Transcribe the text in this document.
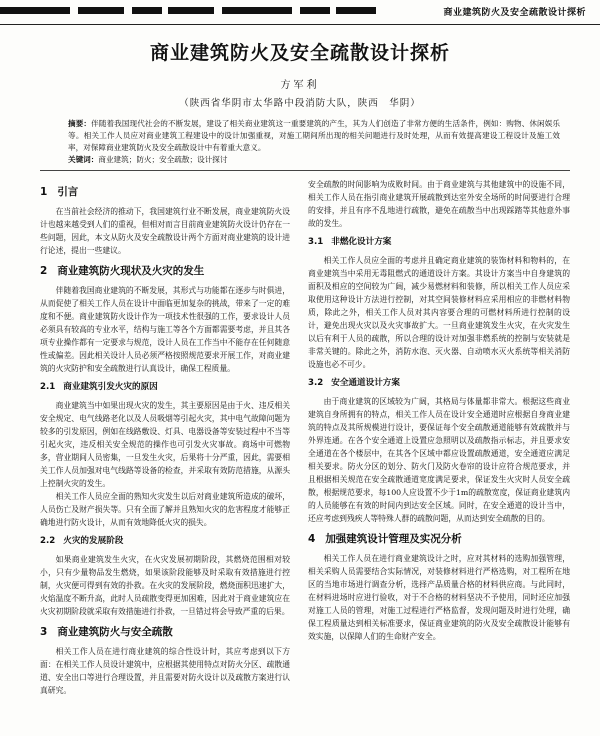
商业建筑防火及安全疏散设计探析
商业建筑防火及安全疏散设计探析
方军利
（陕西省华阴市太华路中段消防大队，陕西　华阴）
摘要：伴随着我国现代社会的不断发展，建设了相关商业建筑这一重要建筑的产生，其为人们创造了非常方便的生活条件，例如：购物、休闲娱乐等。相关工作人员应对商业建筑工程建设中的设计加强重视，对施工期间所出现的相关问题进行及时处理，从而有效提高建设工程设计及施工效率，对保障商业建筑防火及安全疏散设计中有着重大意义。
关键词：商业建筑；防火；安全疏散；设计探讨
1 引言

在当前社会经济的推动下，我国建筑行业不断发展，商业建筑防火设计也越来越受到人们的重视，但相对而言目前商业建筑防火设计仍存在一些问题，因此，本文从防火及安全疏散设计两个方面对商业建筑的设计进行论述，提出一些建议。

2 商业建筑防火现状及火灾的发生

伴随着我国商业建筑的不断发展，其形式与功能都在逐步与时俱进，从而促使了相关工作人员在设计中面临更加复杂的挑战，带来了一定的难度和不便。商业建筑防火设计作为一项技术性很强的工作，要求设计人员必须具有较高的专业水平，结构与施工等各个方面都需要考虑，并且其各项专业操作都有一定要求与规范，设计人员在工作当中不能存在任何随意性或偏差。因此相关设计人员必须严格按照规范要求开展工作，对商业建筑的火灾防护和安全疏散进行认真设计，确保工程质量。

2.1 商业建筑引发火灾的原因

商业建筑当中如果出现火灾的发生，其主要原因是由于火、违反相关安全规定、电气线路老化以及人员吸烟等引起火灾，其中电气故障问题为较多的引发原因，例如在线路敷设、灯具、电器设备等安装过程中不当等引起火灾，违反相关安全规范的操作也可引发火灾事故。商场中可燃物多，营业期间人员密集，一旦发生火灾，后果将十分严重，因此，需要相关工作人员加强对电气线路等设备的检查，并采取有效防范措施，从源头上控制火灾的发生。

相关工作人员应全面的熟知火灾发生以后对商业建筑所造成的破坏，人员伤亡及财产损失等。只有全面了解并且熟知火灾的危害程度才能够正确地进行防火设计，从而有效地降低火灾的损失。

2.2 火灾的发展阶段

如果商业建筑发生火灾，在火灾发展初期阶段，其燃烧范围相对较小，只有少量物品发生燃烧，如果该阶段能够及时采取有效措施进行控制，火灾便可得到有效的扑救。在火灾的发展阶段，燃烧面积迅速扩大，火焰温度不断升高，此时人员疏散变得更加困难，因此对于商业建筑应在火灾初期阶段就采取有效措施进行扑救，一旦错过将会导致严重的后果。

3 商业建筑防火与安全疏散

相关工作人员在进行商业建筑的综合性设计时，其应考虑到以下方面：在相关工作人员设计建筑中，应根据其使用特点对防火分区、疏散通道、安全出口等进行合理设置，并且需要对防火设计以及疏散方案进行认真研究。

安全疏散的时间影响为成败时间。由于商业建筑与其他建筑中的设施不同，相关工作人员在指引商业建筑开展疏散到达室外安全场所的时间要进行合理的安排，并且有序不乱地进行疏散，避免在疏散当中出现踩踏等其他意外事故的发生。

3.1 非燃化设计方案

相关工作人员应全面的考虑并且确定商业建筑的装饰材料和物料的，在商业建筑当中采用无毒阻燃式的通道设计方案。其设计方案当中自身建筑的面积及相应的空间较为广阔，减少易燃材料和装修，所以相关工作人员应采取使用这种设计方法进行控制，对其空间装修材料应采用相应的非燃材料物质，除此之外，相关工作人员对其内容要合理的可燃材料所进行控制的设计，避免出现火灾以及火灾事故扩大。一旦商业建筑发生火灾，在火灾发生以后有利于人员的疏散，所以合理的设计对加强非燃系统的控制与安装就是非常关键的。除此之外，消防水泡、灭火器、自动喷水灭火系统等相关消防设施也必不可少。

3.2 安全通道设计方案

由于商业建筑的区域较为广阔，其格局与体量都非常大。根据这些商业建筑自身所拥有的特点，相关工作人员在设计安全通道时应根据自身商业建筑的特点及其所规模进行设计，要保证每个安全疏散通道能够有效疏散并与外界连通。在各个安全通道上设置应急照明以及疏散指示标志，并且要求安全通道在各个楼层中，在其各个区域中都应设置疏散通道，安全通道应满足相关要求。防火分区的划分、防火门及防火卷帘的设计应符合规范要求，并且根据相关规范在安全疏散通道宽度满足要求，保证发生火灾时人员安全疏散，根据规范要求，每100人应设置不少于1m的疏散宽度，保证商业建筑内的人员能够在有效的时间内到达安全区域。同时，在安全通道的设计当中，还应考虑到残疾人等特殊人群的疏散问题，从而达到安全疏散的目的。

4 加强建筑设计管理及实况分析

相关工作人员在进行商业建筑设计之时，应对其材料的选购加强管理，相关采购人员需要结合实际情况，对装修材料进行严格选购，对工程所在地区的当地市场进行调查分析，选择产品质量合格的材料供应商。与此同时，在材料进场时应进行验收，对于不合格的材料坚决不予使用，同时还应加强对施工人员的管理，对施工过程进行严格监督，发现问题及时进行处理，确保工程质量达到相关标准要求，保证商业建筑的防火及安全疏散设计能够有效实施，以保障人们的生命财产安全。
